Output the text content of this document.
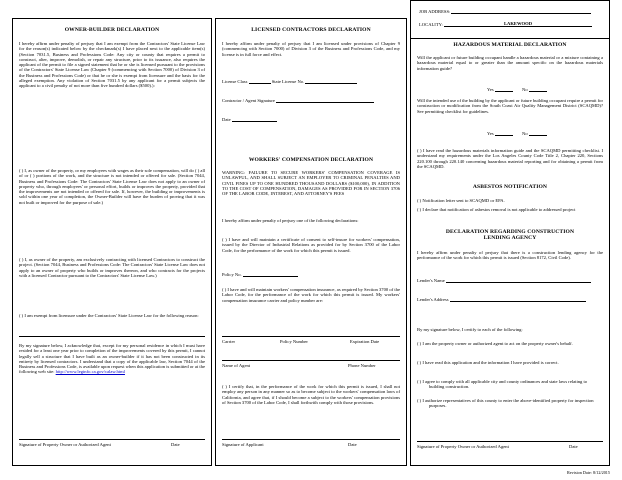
JOB ADDRESS:
LOCALITY:	LAKEWOOD
OWNER-BUILDER DECLARATION
I hereby affirm under penalty of perjury that I am exempt from the Contractors' State License Law for the reason(s) indicated below by the checkmark(s) I have placed next to the applicable item(s) (Section 7031.5, Business and Professions Code: Any city or county that requires a permit to construct, alter, improve, demolish, or repair any structure, prior to its issuance, also requires the applicant of the permit to file a signed statement that he or she is licensed pursuant to the provisions of the Contractors' State License Law (Chapter 9 (commencing with Section 7000) of Division 3 of the Business and Professions Code) or that he or she is exempt from licensure and the basis for the alleged exemption. Any violation of Section 7031.5 by any applicant for a permit subjects the applicant to a civil penalty of not more than five hundred dollars ($500).):
( ) I, as owner of the property, or my employees with wages as their sole compensation, will do ( ) all of or ( ) portions of the work, and the structure is not intended or offered for sale. (Section 7044, Business and Professions Code: The Contractors' State License Law does not apply to an owner of property who, through employees' or personal effort, builds or improves the property, provided that the improvements are not intended or offered for sale. If, however, the building or improvements is sold within one year of completion, the Owner-Builder will have the burden of proving that it was not built or improved for the purpose of sale.)
( ) I, as owner of the property, am exclusively contracting with licensed Contractors to construct the project. (Section 7044, Business and Professions Code: The Contractors' State License Law does not apply to an owner of property who builds or improves thereon, and who contracts for the projects with a licensed Contractor pursuant to the Contractors' State License Law.)
( ) I am exempt from licensure under the Contractors' State License Law for the following reason:
By my signature below, I acknowledge that, except for my personal residence in which I must have resided for a least one year prior to completion of the improvements covered by this permit, I cannot legally sell a structure that I have built as an owner-builder if it has not been constructed in its entirety by licensed contractors. I understand that a copy of the applicable law, Section 7044 of the Business and Professions Code, is available upon request when this application is submitted or at the following web site: http://www.leginfo.ca.gov/calaw.html
Signature of Property Owner or Authorized Agent	Date
LICENSED CONTRACTORS DECLARATION
I hereby affirm under penalty of perjury that I am licensed under provisions of Chapter 9 (commencing with Section 7000) of Division 3 of the Business and Professions Code, and my license is in full force and effect.
License Class	State License No.
Contractor / Agent Signature
Date
WORKERS' COMPENSATION DECLARATION
WARNING: FAILURE TO SECURE WORKERS' COMPENSATION COVERAGE IS UNLAWFUL, AND SHALL SUBJECT AN EMPLOYER TO CRIMINAL PENALTIES AND CIVIL FINES UP TO ONE HUNDRED THOUSAND DOLLARS ($100,000), IN ADDITION TO THE COST OF COMPENSATION, DAMAGES AS PROVIDED FOR IN SECTION 3706 OF THE LABOR CODE, INTEREST, AND ATTORNEY'S FEES
I hereby affirm under penalty of perjury one of the following declarations:
( ) I have and will maintain a certificate of consent to self-insure for workers' compensation, issued by the Director of Industrial Relations as provided for by Section 3700 of the Labor Code, for the performance of the work for which this permit is issued.
Policy No.
( ) I have and will maintain workers' compensation insurance, as required by Section 3700 of the Labor Code, for the performance of the work for which this permit is issued. My workers' compensation insurance carrier and policy number are:
Carrier	Policy Number	Expiration Date
Name of Agent	Phone Number
( ) I certify that, in the performance of the work for which this permit is issued, I shall not employ any person in any manner so as to become subject to the workers' compensation laws of California, and agree that, if I should become a subject to the workers' compensation provisions of Section 3700 of the Labor Code, I shall forthwith comply with those provisions.
Signature of Applicant	Date
HAZARDOUS MATERIAL DECLARATION
Will the applicant or future building occupant handle a hazardous material or a mixture containing a hazardous material equal to or greater than the amount specific on the hazardous materials information guide?
Yes	No
Will the intended use of the building by the applicant or future building occupant require a permit for construction or modification from the South Coast Air Quality Management District (SCAQMD)? See permitting checklist for guidelines.
Yes	No
( ) I have read the hazardous materials information guide and the SCAQMD permitting checklist. I understand my requirements under the Los Angeles County Code Title 2, Chapter 220, Sections 220.100 through 220.140 concerning hazardous material reporting and for obtaining a permit from the SCAQMD.
ASBESTOS NOTIFICATION
( ) Notification letter sent to SCAQMD or EPA.
( ) I declare that notification of asbestos removal is not applicable to addressed project
DECLARATION REGARDING CONSTRUCTION
LENDING AGENCY
I hereby affirm under penalty of perjury that there is a construction lending agency for the performance of the work for which this permit is issued (Section 8172, Civil Code).
Lender's Name
Lender's Address
By my signature below, I certify to each of the following:
( ) I am the property owner or authorized agent to act on the property owner's behalf.
( ) I have read this application and the information I have provided is correct.
( ) I agree to comply with all applicable city and county ordinances and state laws relating to building construction.
( ) I authorize representatives of this county to enter the above-identified property for inspection purposes.
Signature of Property Owner or Authorized Agent	Date
Revision Date: 8/12/2015
